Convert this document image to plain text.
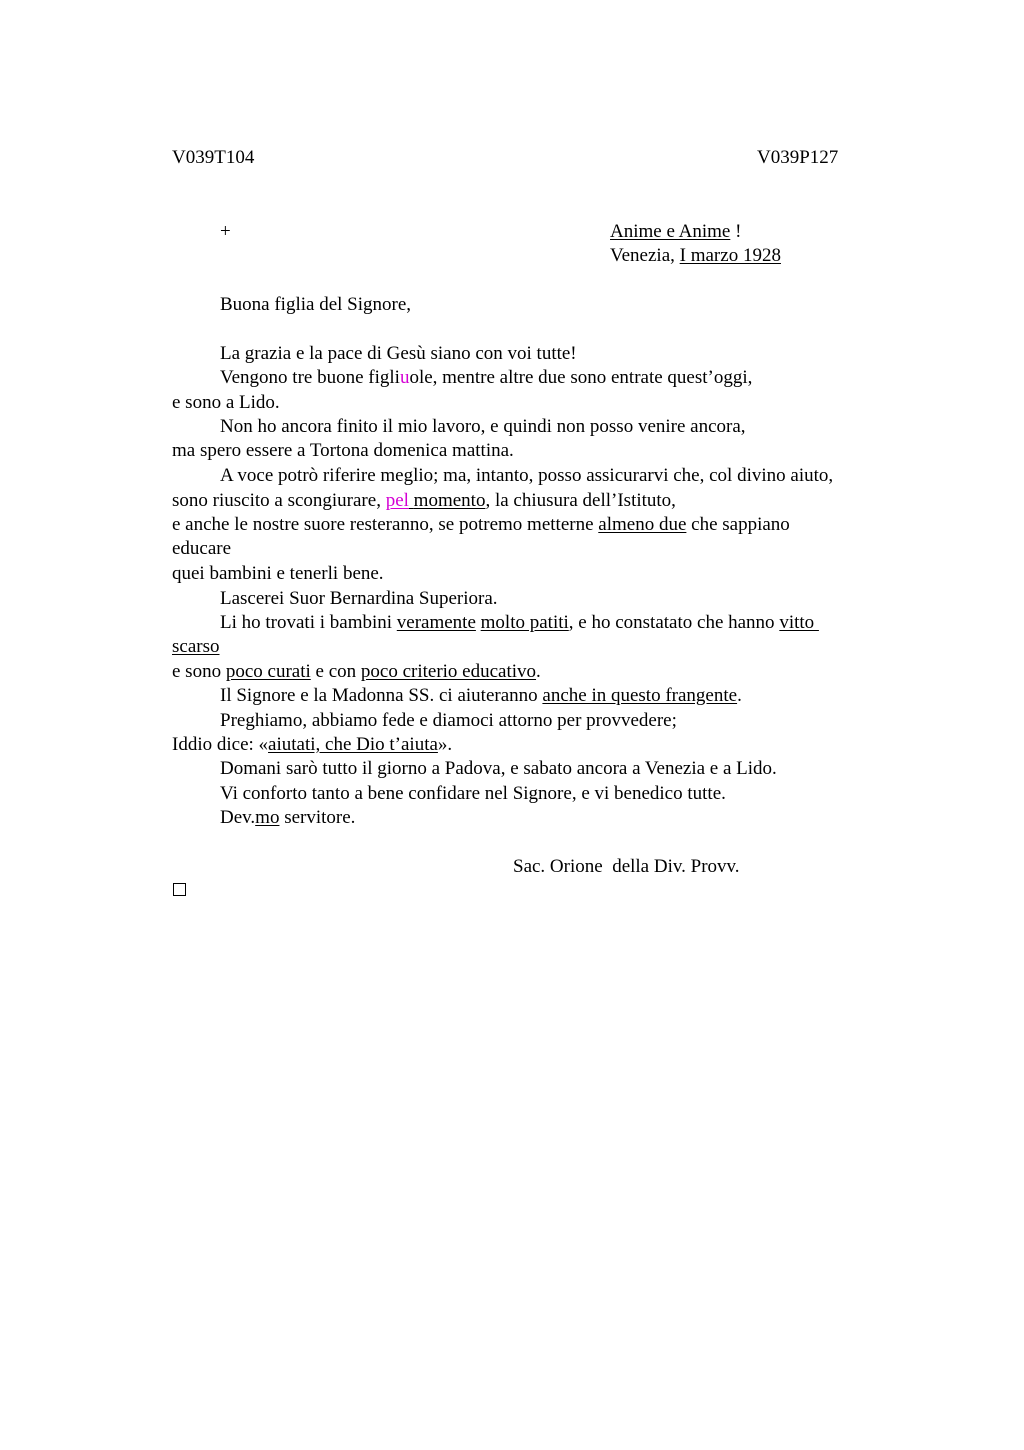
V039T104	V039P127
+	Anime e Anime !
Venezia, I marzo 1928
Buona figlia del Signore,
La grazia e la pace di Gesù siano con voi tutte!
Vengono tre buone figliuole, mentre altre due sono entrate quest’oggi,
e sono a Lido.
Non ho ancora finito il mio lavoro, e quindi non posso venire ancora,
ma spero essere a Tortona domenica mattina.
A voce potrò riferire meglio; ma, intanto, posso assicurarvi che, col divino aiuto,
sono riuscito a scongiurare, pel momento, la chiusura dell’Istituto,
e anche le nostre suore resteranno, se potremo metterne almeno due che sappiano
educare
quei bambini e tenerli bene.
Lascerei Suor Bernardina Superiora.
Li ho trovati i bambini veramente molto patiti, e ho constatato che hanno vitto
scarso
e sono poco curati e con poco criterio educativo.
Il Signore e la Madonna SS. ci aiuteranno anche in questo frangente.
Preghiamo, abbiamo fede e diamoci attorno per provvedere;
Iddio dice: «aiutati, che Dio t’aiuta».
Domani sarò tutto il giorno a Padova, e sabato ancora a Venezia e a Lido.
Vi conforto tanto a bene confidare nel Signore, e vi benedico tutte.
Dev.mo servitore.
Sac. Orione  della Div. Provv.
